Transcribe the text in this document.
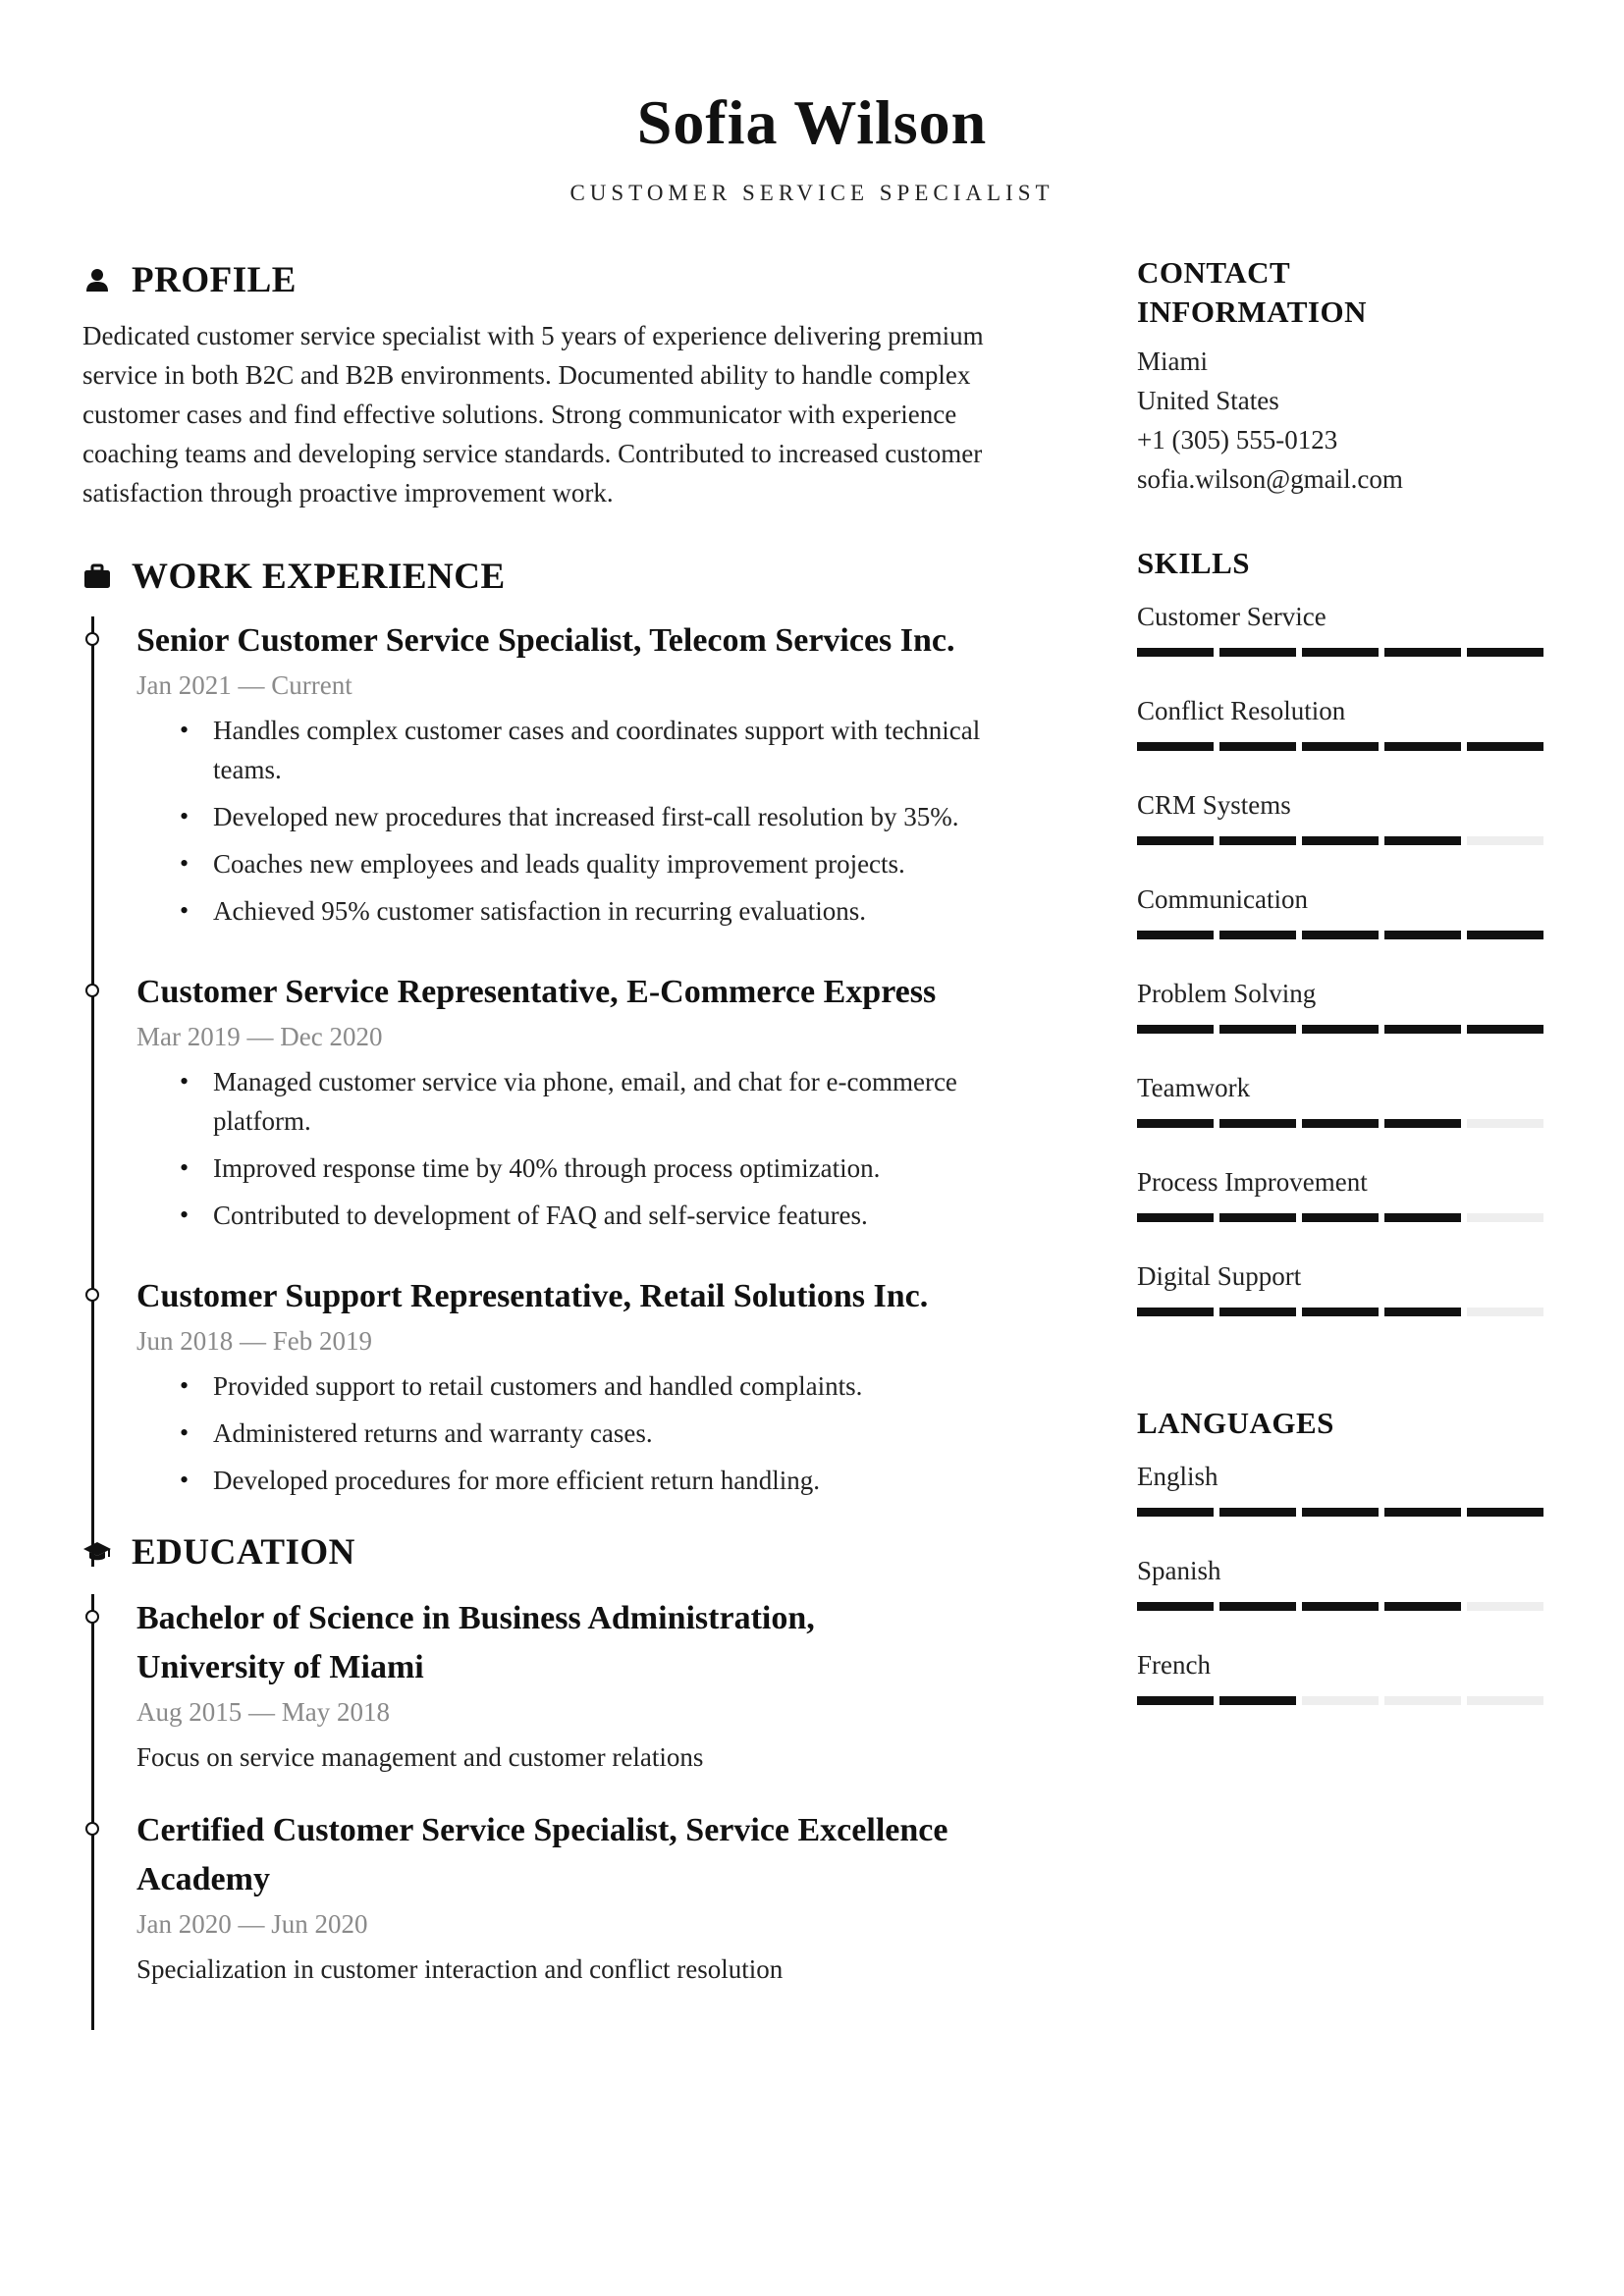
Sofia Wilson
CUSTOMER SERVICE SPECIALIST
PROFILE
Dedicated customer service specialist with 5 years of experience delivering premium service in both B2C and B2B environments. Documented ability to handle complex customer cases and find effective solutions. Strong communicator with experience coaching teams and developing service standards. Contributed to increased customer satisfaction through proactive improvement work.
WORK EXPERIENCE
Senior Customer Service Specialist, Telecom Services Inc.
Jan 2021 — Current
• Handles complex customer cases and coordinates support with technical teams.
• Developed new procedures that increased first-call resolution by 35%.
• Coaches new employees and leads quality improvement projects.
• Achieved 95% customer satisfaction in recurring evaluations.
Customer Service Representative, E-Commerce Express
Mar 2019 — Dec 2020
• Managed customer service via phone, email, and chat for e-commerce platform.
• Improved response time by 40% through process optimization.
• Contributed to development of FAQ and self-service features.
Customer Support Representative, Retail Solutions Inc.
Jun 2018 — Feb 2019
• Provided support to retail customers and handled complaints.
• Administered returns and warranty cases.
• Developed procedures for more efficient return handling.
EDUCATION
Bachelor of Science in Business Administration,
University of Miami
Aug 2015 — May 2018
Focus on service management and customer relations
Certified Customer Service Specialist, Service Excellence
Academy
Jan 2020 — Jun 2020
Specialization in customer interaction and conflict resolution
CONTACT
INFORMATION
Miami
United States
+1 (305) 555-0123
sofia.wilson@gmail.com
SKILLS
Customer Service
Conflict Resolution
CRM Systems
Communication
Problem Solving
Teamwork
Process Improvement
Digital Support
LANGUAGES
English
Spanish
French
